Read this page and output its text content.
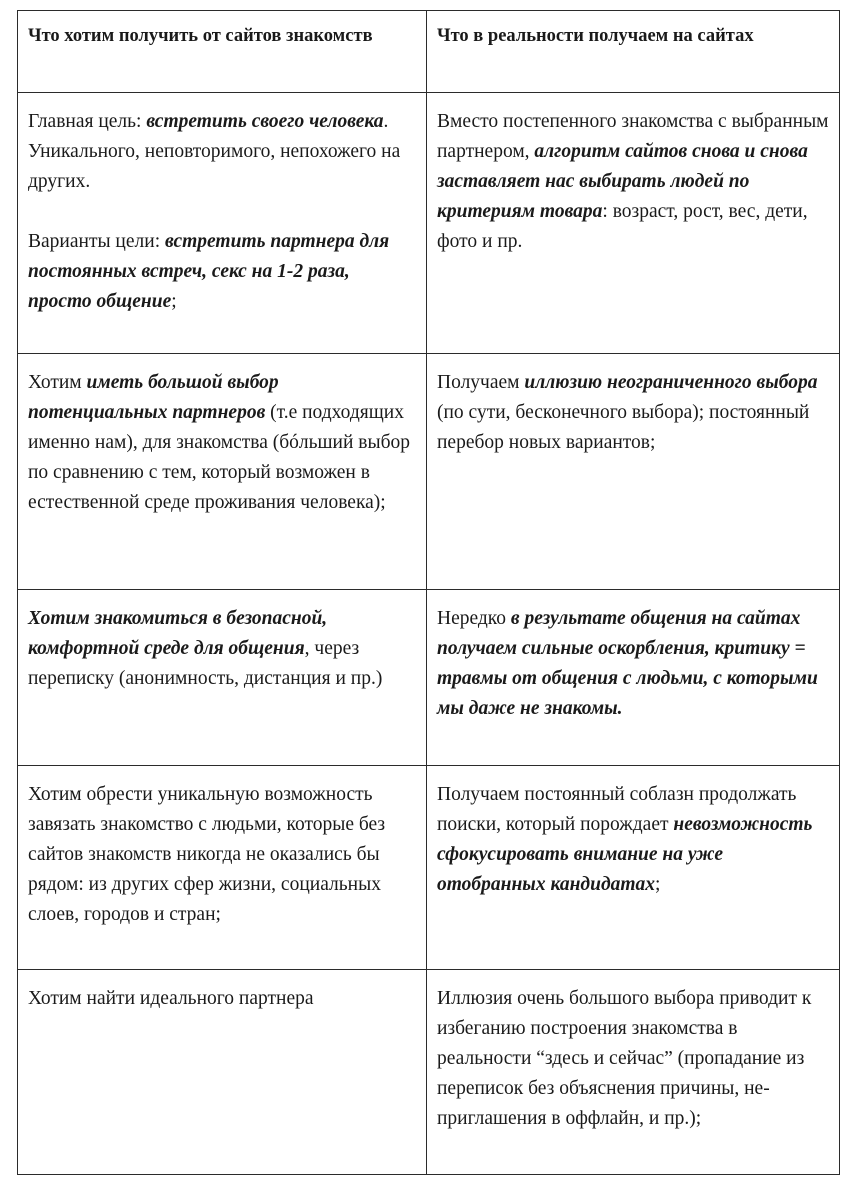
Что хотим получить от сайтов знакомств	Что в реальности получаем на сайтах

Главная цель: встретить своего человека. Уникального, неповторимого, непохожего на других.
Варианты цели: встретить партнера для постоянных встреч, секс на 1-2 раза, просто общение;	Вместо постепенного знакомства с выбранным партнером, алгоритм сайтов снова и снова заставляет нас выбирать людей по критериям товара: возраст, рост, вес, дети, фото и пр.

Хотим иметь большой выбор потенциальных партнеров (т.е подходящих именно нам), для знакомства (бóльший выбор по сравнению с тем, который возможен в естественной среде проживания человека);	Получаем иллюзию неограниченного выбора (по сути, бесконечного выбора); постоянный перебор новых вариантов;

Хотим знакомиться в безопасной, комфортной среде для общения, через переписку (анонимность, дистанция и пр.)	Нередко в результате общения на сайтах получаем сильные оскорбления, критику = травмы от общения с людьми, с которыми мы даже не знакомы.

Хотим обрести уникальную возможность завязать знакомство с людьми, которые без сайтов знакомств никогда не оказались бы рядом: из других сфер жизни, социальных слоев, городов и стран;	Получаем постоянный соблазн продолжать поиски, который порождает невозможность сфокусировать внимание на уже отобранных кандидатах;

Хотим найти идеального партнера	Иллюзия очень большого выбора приводит к избеганию построения знакомства в реальности “здесь и сейчас” (пропадание из переписок без объяснения причины, не-приглашения в оффлайн, и пр.);
